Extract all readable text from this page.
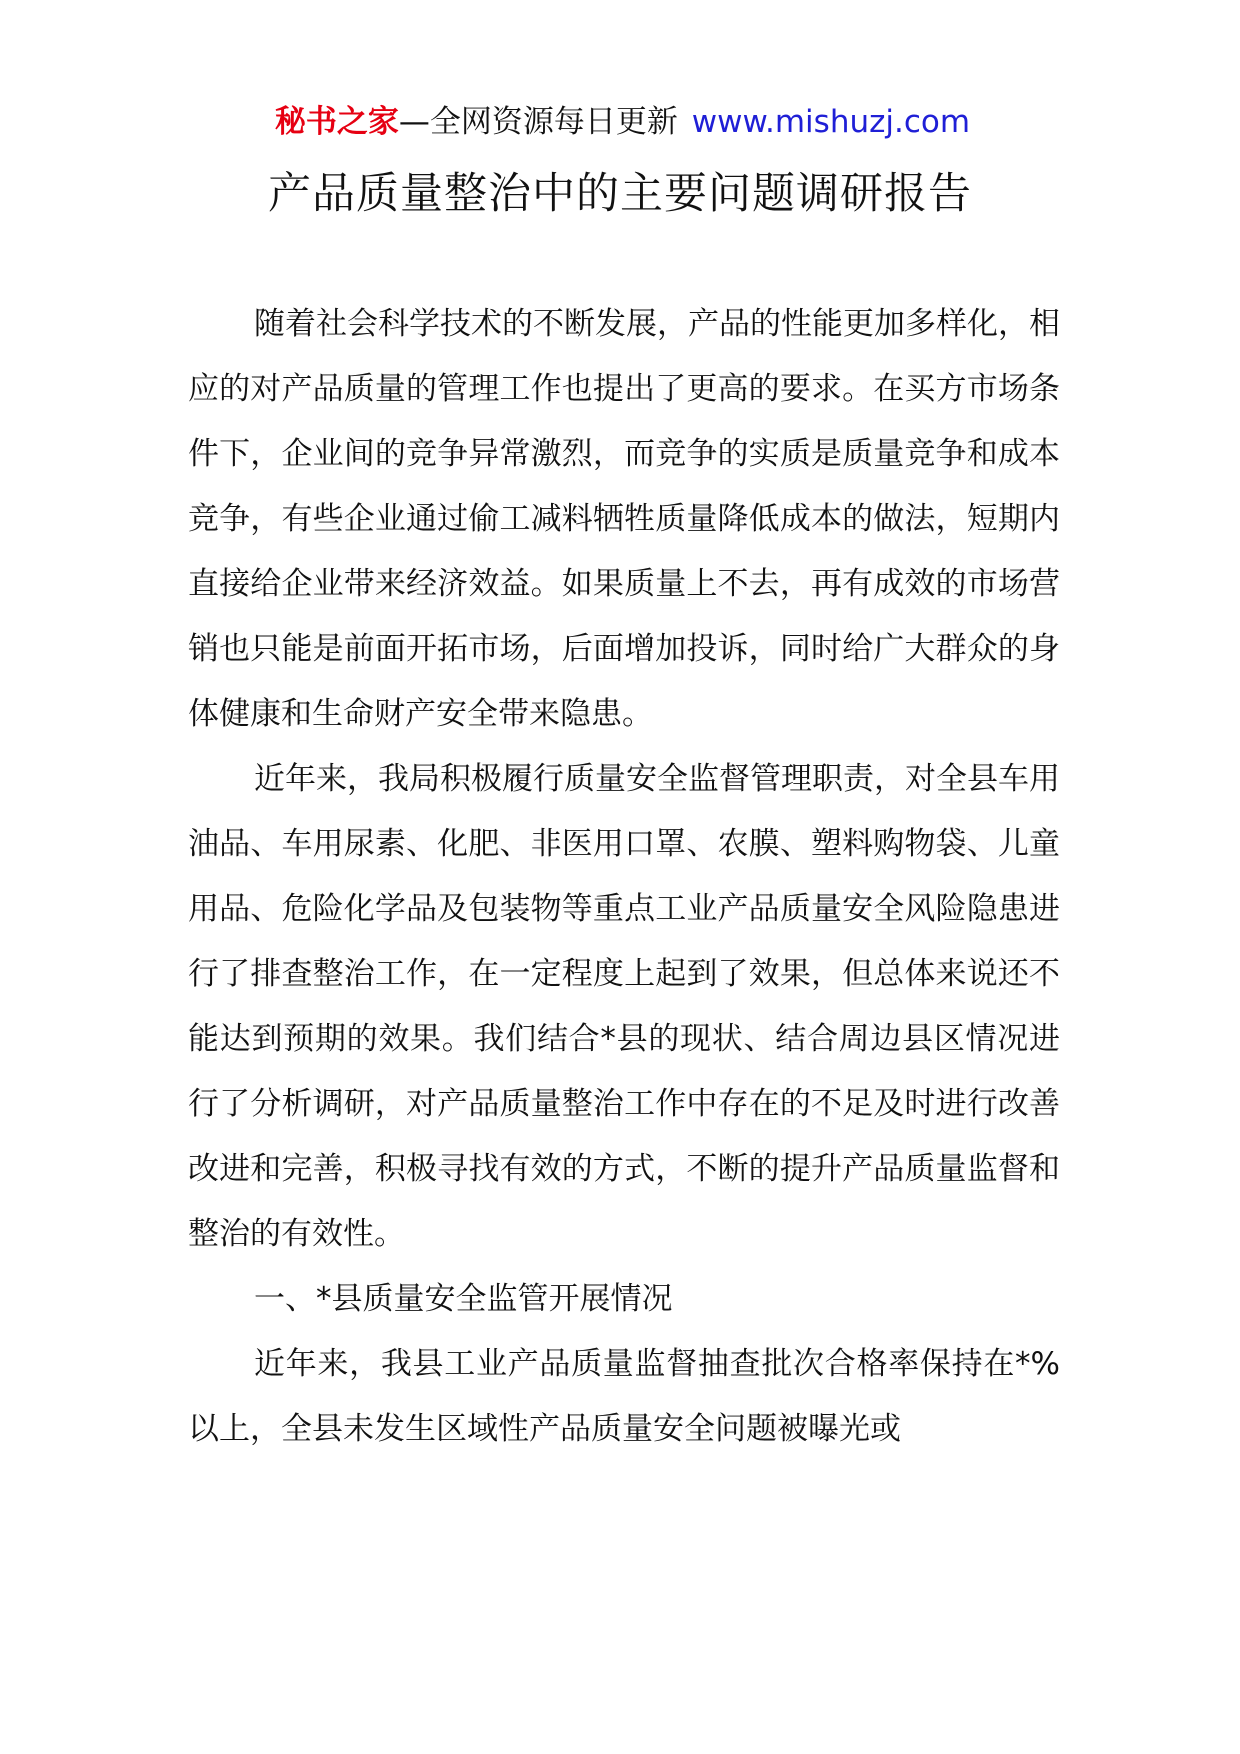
秘书之家—全网资源每日更新 www.mishuzj.com
产品质量整治中的主要问题调研报告

随着社会科学技术的不断发展，产品的性能更加多样化，相应的对产品质量的管理工作也提出了更高的要求。在买方市场条件下，企业间的竞争异常激烈，而竞争的实质是质量竞争和成本竞争，有些企业通过偷工减料牺牲质量降低成本的做法，短期内直接给企业带来经济效益。如果质量上不去，再有成效的市场营销也只能是前面开拓市场，后面增加投诉，同时给广大群众的身体健康和生命财产安全带来隐患。

近年来，我局积极履行质量安全监督管理职责，对全县车用油品、车用尿素、化肥、非医用口罩、农膜、塑料购物袋、儿童用品、危险化学品及包装物等重点工业产品质量安全风险隐患进行了排查整治工作，在一定程度上起到了效果，但总体来说还不能达到预期的效果。我们结合*县的现状、结合周边县区情况进行了分析调研，对产品质量整治工作中存在的不足及时进行改善改进和完善，积极寻找有效的方式，不断的提升产品质量监督和整治的有效性。

一、*县质量安全监管开展情况

近年来，我县工业产品质量监督抽查批次合格率保持在*%以上，全县未发生区域性产品质量安全问题被曝光或
